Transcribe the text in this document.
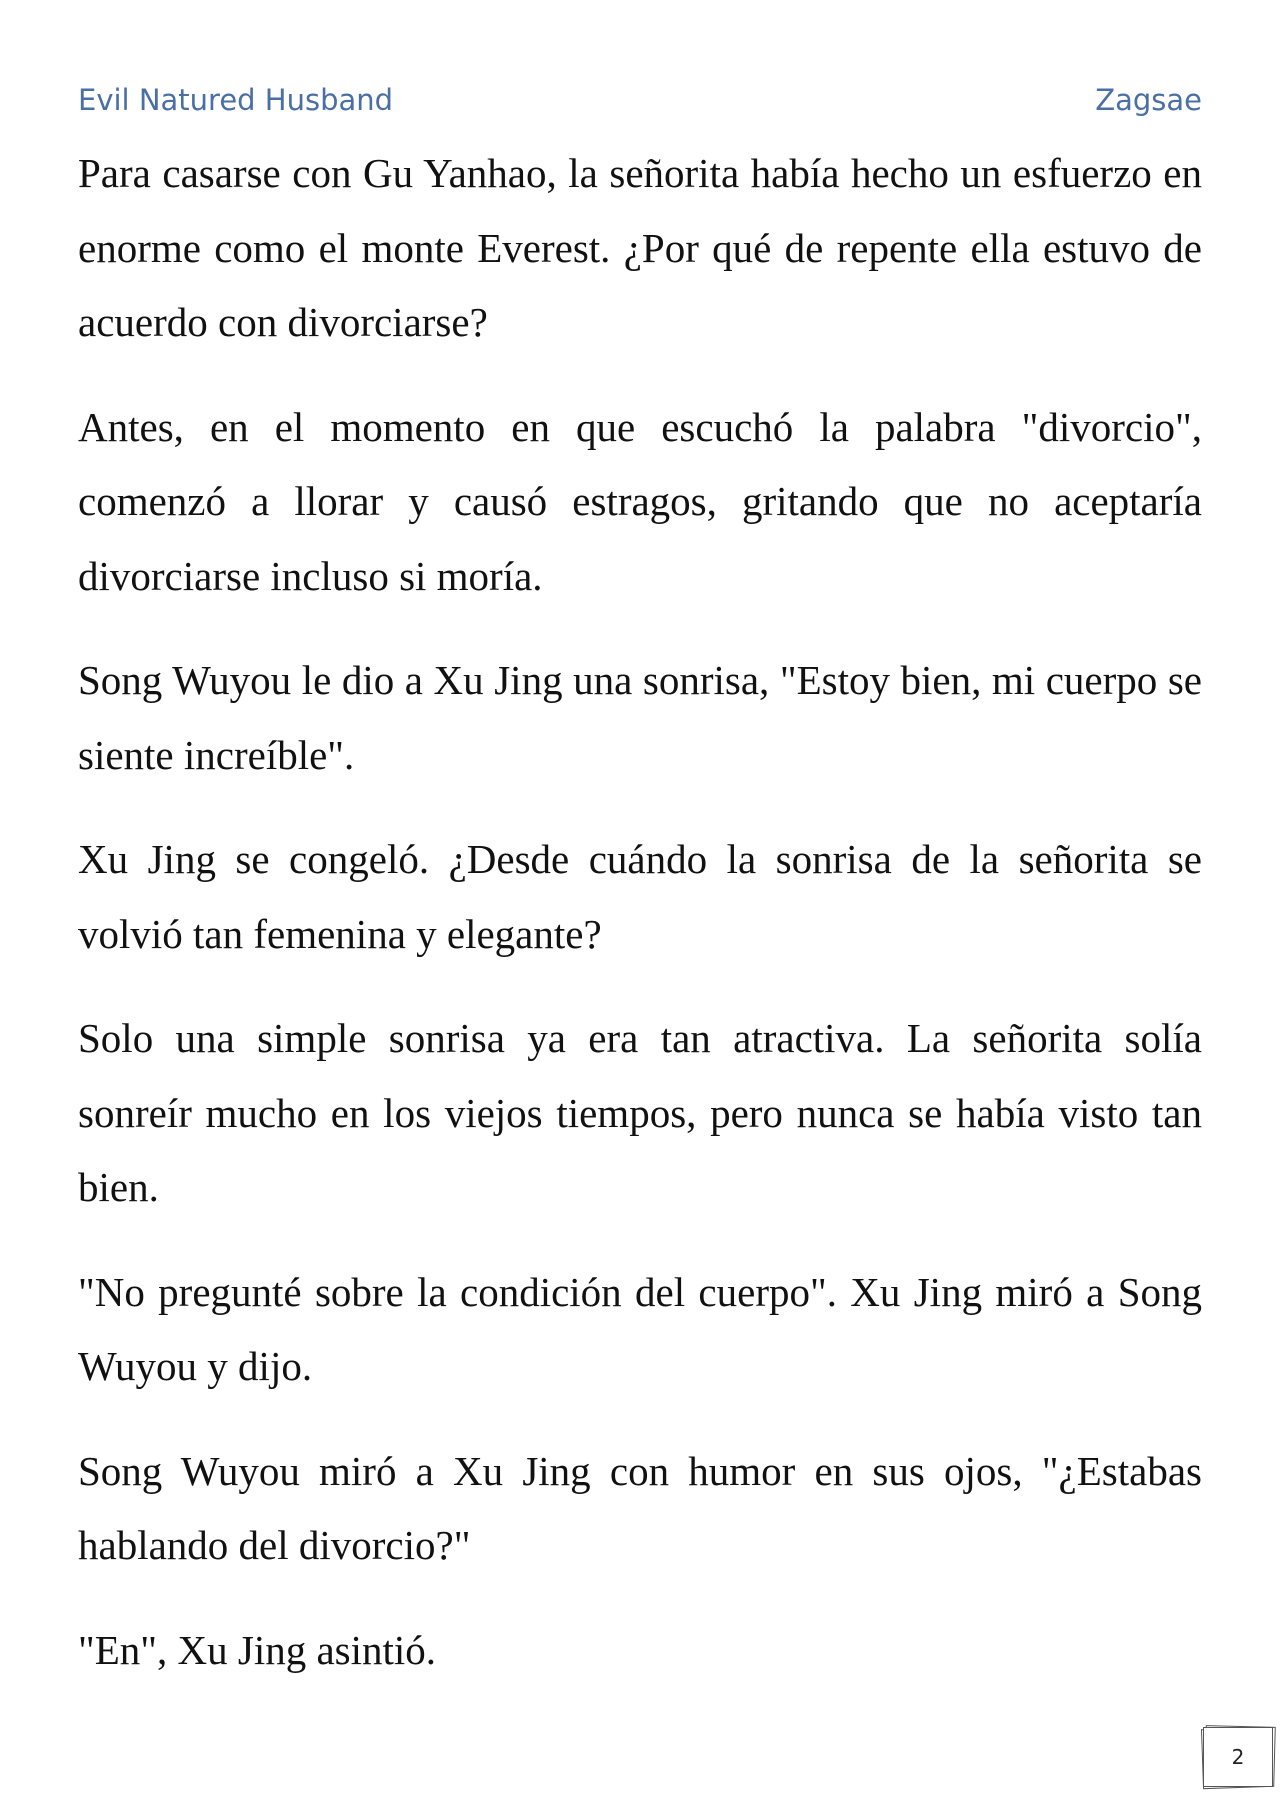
Evil Natured Husband	Zagsae

Para casarse con Gu Yanhao, la señorita había hecho un esfuerzo en enorme como el monte Everest. ¿Por qué de repente ella estuvo de acuerdo con divorciarse?

Antes, en el momento en que escuchó la palabra "divorcio", comenzó a llorar y causó estragos, gritando que no aceptaría divorciarse incluso si moría.

Song Wuyou le dio a Xu Jing una sonrisa, "Estoy bien, mi cuerpo se siente increíble".

Xu Jing se congeló. ¿Desde cuándo la sonrisa de la señorita se volvió tan femenina y elegante?

Solo una simple sonrisa ya era tan atractiva. La señorita solía sonreír mucho en los viejos tiempos, pero nunca se había visto tan bien.

"No pregunté sobre la condición del cuerpo". Xu Jing miró a Song Wuyou y dijo.

Song Wuyou miró a Xu Jing con humor en sus ojos, "¿Estabas hablando del divorcio?"

"En", Xu Jing asintió.

2
